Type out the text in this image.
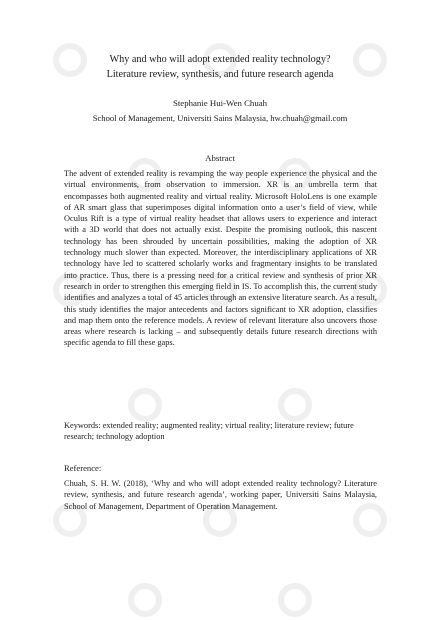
Why and who will adopt extended reality technology?
Literature review, synthesis, and future research agenda
Stephanie Hui-Wen Chuah
School of Management, Universiti Sains Malaysia, hw.chuah@gmail.com
Abstract
The advent of extended reality is revamping the way people experience the physical and the virtual environments, from observation to immersion. XR is an umbrella term that encompasses both augmented reality and virtual reality. Microsoft HoloLens is one example of AR smart glass that superimposes digital information onto a user’s field of view, while Oculus Rift is a type of virtual reality headset that allows users to experience and interact with a 3D world that does not actually exist. Despite the promising outlook, this nascent technology has been shrouded by uncertain possibilities, making the adoption of XR technology much slower than expected. Moreover, the interdisciplinary applications of XR technology have led to scattered scholarly works and fragmentary insights to be translated into practice. Thus, there is a pressing need for a critical review and synthesis of prior XR research in order to strengthen this emerging field in IS. To accomplish this, the current study identifies and analyzes a total of 45 articles through an extensive literature search. As a result, this study identifies the major antecedents and factors significant to XR adoption, classifies and map them onto the reference models. A review of relevant literature also uncovers those areas where research is lacking – and subsequently details future research directions with specific agenda to fill these gaps.
Keywords: extended reality; augmented reality; virtual reality; literature review; future research; technology adoption
Reference:
Chuah, S. H. W. (2018), ‘Why and who will adopt extended reality technology? Literature review, synthesis, and future research agenda’, working paper, Universiti Sains Malaysia, School of Management, Department of Operation Management.
